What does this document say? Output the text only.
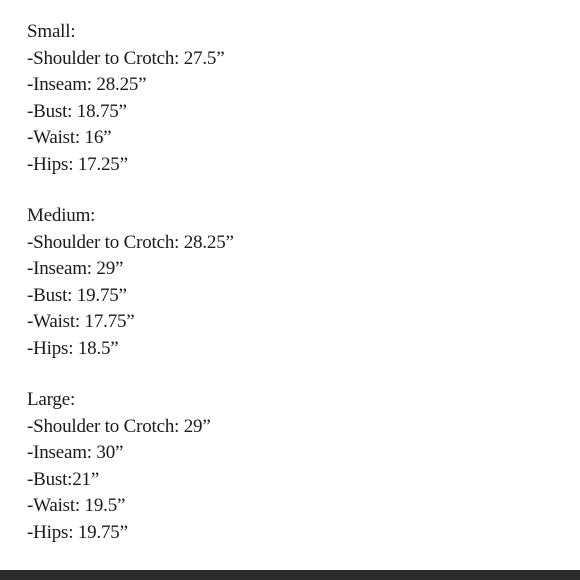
Small:
-Shoulder to Crotch: 27.5”
-Inseam: 28.25”
-Bust: 18.75”
-Waist: 16”
-Hips: 17.25”
Medium:
-Shoulder to Crotch: 28.25”
-Inseam: 29”
-Bust: 19.75”
-Waist: 17.75”
-Hips: 18.5”
Large:
-Shoulder to Crotch: 29”
-Inseam: 30”
-Bust:21”
-Waist: 19.5”
-Hips: 19.75”
